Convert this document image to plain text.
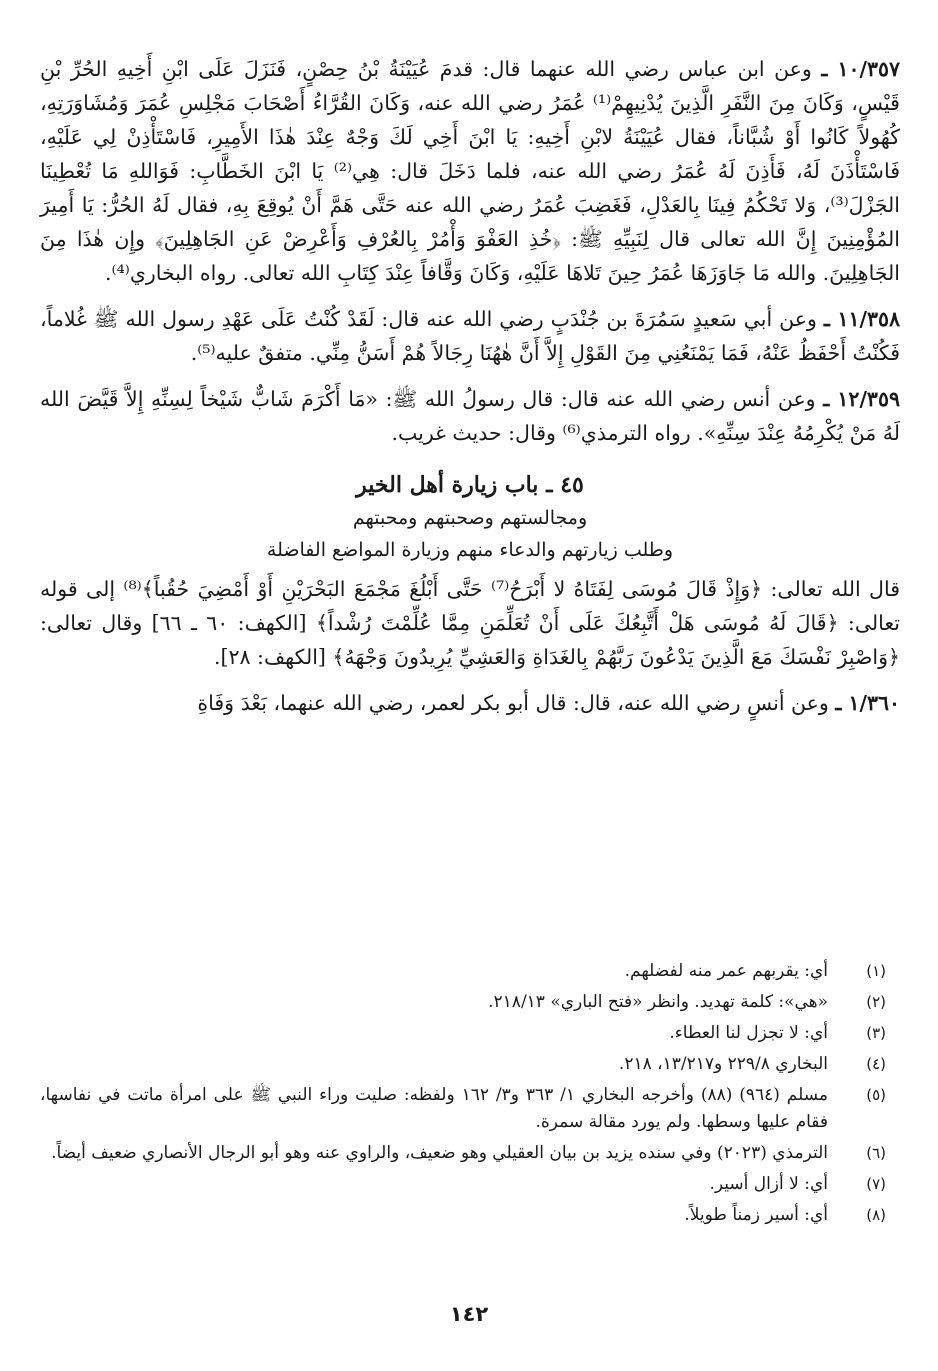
١٠/٣٥٧ ـ وعن ابن عباس رضي الله عنهما قال: قدمَ عُيَيْنَةُ بْنُ حِصْنٍ، فَنَزَلَ عَلَى ابْنِ أَخِيهِ الحُرِّ بْنِ قَيْسٍ، وَكَانَ مِنَ النَّفَرِ الَّذِينَ يُدْنِيهِمْ⁽¹⁾ عُمَرُ رضي الله عنه، وَكَانَ القُرَّاءُ أَصْحَابَ مَجْلِسِ عُمَرَ وَمُشَاوَرَتِهِ، كُهُولاً كَانُوا أَوْ شُبَّاناً، فقال عُيَيْنَةُ لابْنِ أَخِيهِ: يَا ابْنَ أَخِي لَكَ وَجْهٌ عِنْدَ هٰذَا الأَمِيرِ، فَاسْتَأْذِنْ لِي عَلَيْهِ، فَاسْتَأْذَنَ لَهُ، فَأَذِنَ لَهُ عُمَرُ رضي الله عنه، فلما دَخَلَ قال: هِي⁽²⁾ يَا ابْنَ الخَطَّابِ: فَوَاللهِ مَا تُعْطِينَا الجَزْلَ⁽³⁾، وَلا تَحْكُمُ فِينَا بِالعَدْلِ، فَغَضِبَ عُمَرُ رضي الله عنه حَتَّى هَمَّ أَنْ يُوقِعَ بِهِ، فقال لَهُ الحُرُّ: يَا أَمِيرَ المُؤْمِنِينَ إِنَّ الله تعالى قال لِنَبِيِّهِ ﷺ: ﴿خُذِ العَفْوَ وَأْمُرْ بِالعُرْفِ وَأَعْرِضْ عَنِ الجَاهِلِينَ﴾ وإِن هٰذَا مِنَ الجَاهِلِينَ. والله مَا جَاوَزَهَا عُمَرُ حِينَ تَلاهَا عَلَيْهِ، وَكَانَ وَقَّافاً عِنْدَ كِتَابِ الله تعالى. رواه البخاري⁽⁴⁾.

١١/٣٥٨ ـ وعن أبي سَعيدٍ سَمُرَةَ بن جُنْدَبٍ رضي الله عنه قال: لَقَدْ كُنْتُ عَلَى عَهْدِ رسول الله ﷺ غُلاماً، فَكُنْتُ أَحْفَظُ عَنْهُ، فَمَا يَمْنَعُنِي مِنَ القَوْلِ إِلاَّ أَنَّ هٰهُنَا رِجَالاً هُمْ أَسَنُّ مِنِّي. متفقٌ عليه⁽⁵⁾.

١٢/٣٥٩ ـ وعن أنس رضي الله عنه قال: قال رسولُ الله ﷺ: «مَا أَكْرَمَ شَابٌّ شَيْخاً لِسِنِّهِ إِلاَّ قَيَّضَ الله لَهُ مَنْ يُكْرِمُهُ عِنْدَ سِنِّهِ». رواه الترمذي⁽⁶⁾ وقال: حديث غريب.

٤٥ ـ باب زيارة أهل الخير
ومجالستهم وصحبتهم ومحبتهم
وطلب زيارتهم والدعاء منهم وزيارة المواضع الفاضلة

قال الله تعالى: ﴿وَإِذْ قَالَ مُوسَى لِفَتَاهُ لا أَبْرَحُ⁽⁷⁾ حَتَّى أَبْلُغَ مَجْمَعَ البَحْرَيْنِ أَوْ أَمْضِيَ حُقُباً﴾⁽⁸⁾ إلى قوله تعالى: ﴿قَالَ لَهُ مُوسَى هَلْ أَتَّبِعُكَ عَلَى أَنْ تُعَلِّمَنِ مِمَّا عُلِّمْتَ رُشْداً﴾ [الكهف: ٦٠ ـ ٦٦] وقال تعالى: ﴿وَاصْبِرْ نَفْسَكَ مَعَ الَّذِينَ يَدْعُونَ رَبَّهُمْ بِالغَدَاةِ وَالعَشِيِّ يُرِيدُونَ وَجْهَهُ﴾ [الكهف: ٢٨].

١/٣٦٠ ـ وعن أنسٍ رضي الله عنه، قال: قال أبو بكر لعمر، رضي الله عنهما، بَعْدَ وَفَاةِ

(١)
أي: يقربهم عمر منه لفضلهم.
(٢)
«هي»: كلمة تهديد. وانظر «فتح الباري» ٢١٨/١٣.
(٣)
أي: لا تجزل لنا العطاء.
(٤)
البخاري ٢٢٩/٨ و١٣/٢١٧، ٢١٨.
(٥)
مسلم (٩٦٤) (٨٨) وأخرجه البخاري ١/ ٣٦٣ و٣/ ١٦٢ ولفظه: صليت وراء النبي ﷺ على امرأة ماتت في نفاسها، فقام عليها وسطها. ولم يورد مقالة سمرة.
(٦)
الترمذي (٢٠٢٣) وفي سنده يزيد بن بيان العقيلي وهو ضعيف، والراوي عنه وهو أبو الرجال الأنصاري ضعيف أيضاً.
(٧)
أي: لا أزال أسير.
(٨)
أي: أسير زمناً طويلاً.
١٤٢
